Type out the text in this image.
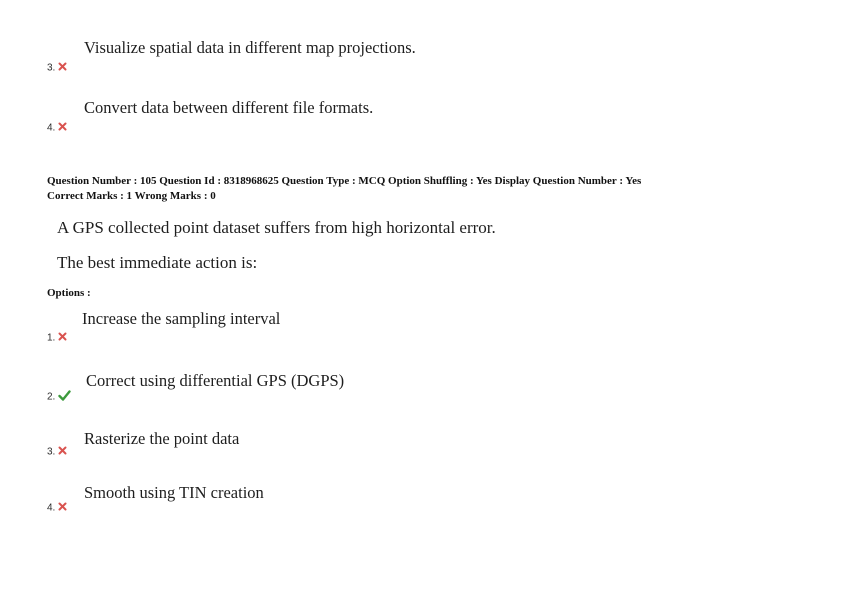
Visualize spatial data in different map projections.
3.
Convert data between different file formats.
4.
Question Number : 105 Question Id : 8318968625 Question Type : MCQ Option Shuffling : Yes Display Question Number : Yes
Correct Marks : 1 Wrong Marks : 0
A GPS collected point dataset suffers from high horizontal error.
The best immediate action is:
Options :
Increase the sampling interval
1.
Correct using differential GPS (DGPS)
2.
Rasterize the point data
3.
Smooth using TIN creation
4.
